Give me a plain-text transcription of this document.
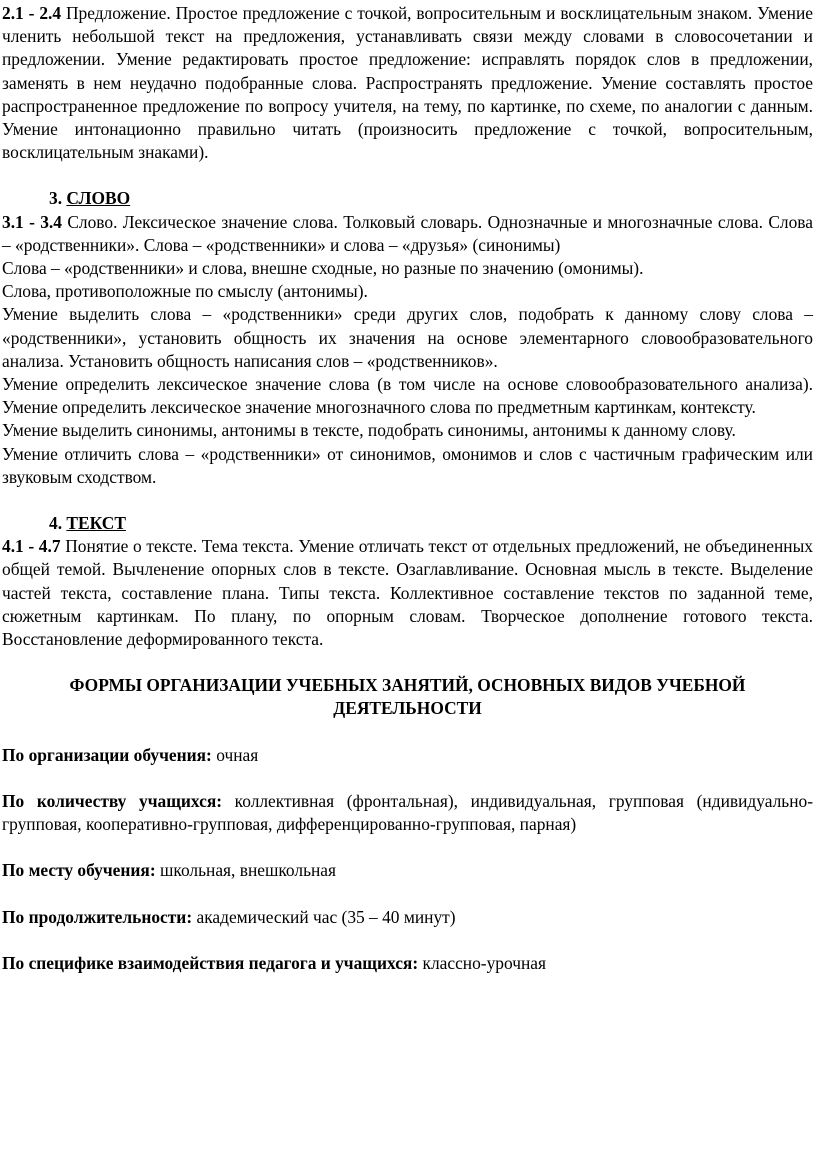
2.1 - 2.4 Предложение. Простое предложение с точкой, вопросительным и восклицательным знаком. Умение членить небольшой текст на предложения, устанавливать связи между словами в словосочетании и предложении. Умение редактировать простое предложение: исправлять порядок слов в предложении, заменять в нем неудачно подобранные слова. Распространять предложение. Умение составлять простое распространенное предложение по вопросу учителя, на тему, по картинке, по схеме, по аналогии с данным. Умение интонационно правильно читать (произносить предложение с точкой, вопросительным, восклицательным знаками).

3. СЛОВО

3.1 - 3.4 Слово. Лексическое значение слова. Толковый словарь. Однозначные и многозначные слова. Слова – «родственники». Слова – «родственники» и слова – «друзья» (синонимы)

Слова – «родственники» и слова, внешне сходные, но разные по значению (омонимы).

Слова, противоположные по смыслу (антонимы).

Умение выделить слова – «родственники» среди других слов, подобрать к данному слову слова – «родственники», установить общность их значения на основе элементарного словообразовательного анализа. Установить общность написания слов – «родственников».

Умение определить лексическое значение слова (в том числе на основе словообразовательного анализа). Умение определить лексическое значение многозначного слова по предметным картинкам, контексту.

Умение выделить синонимы, антонимы в тексте, подобрать синонимы, антонимы к данному слову.

Умение отличить слова – «родственники» от синонимов, омонимов и слов с частичным графическим или звуковым сходством.

4. ТЕКСТ

4.1 - 4.7 Понятие о тексте. Тема текста. Умение отличать текст от отдельных предложений, не объединенных общей темой. Вычленение опорных слов в тексте. Озаглавливание. Основная мысль в тексте. Выделение частей текста, составление плана. Типы текста. Коллективное составление текстов по заданной теме, сюжетным картинкам. По плану, по опорным словам. Творческое дополнение готового текста. Восстановление деформированного текста.

ФОРМЫ ОРГАНИЗАЦИИ УЧЕБНЫХ ЗАНЯТИЙ, ОСНОВНЫХ ВИДОВ УЧЕБНОЙ ДЕЯТЕЛЬНОСТИ

По организации обучения: очная

По количеству учащихся: коллективная (фронтальная), индивидуальная, групповая (ндивидуально-групповая, кооперативно-групповая, дифференцированно-групповая, парная)

По месту обучения: школьная, внешкольная

По продолжительности: академический час (35 – 40 минут)

По специфике взаимодействия педагога и учащихся: классно-урочная
